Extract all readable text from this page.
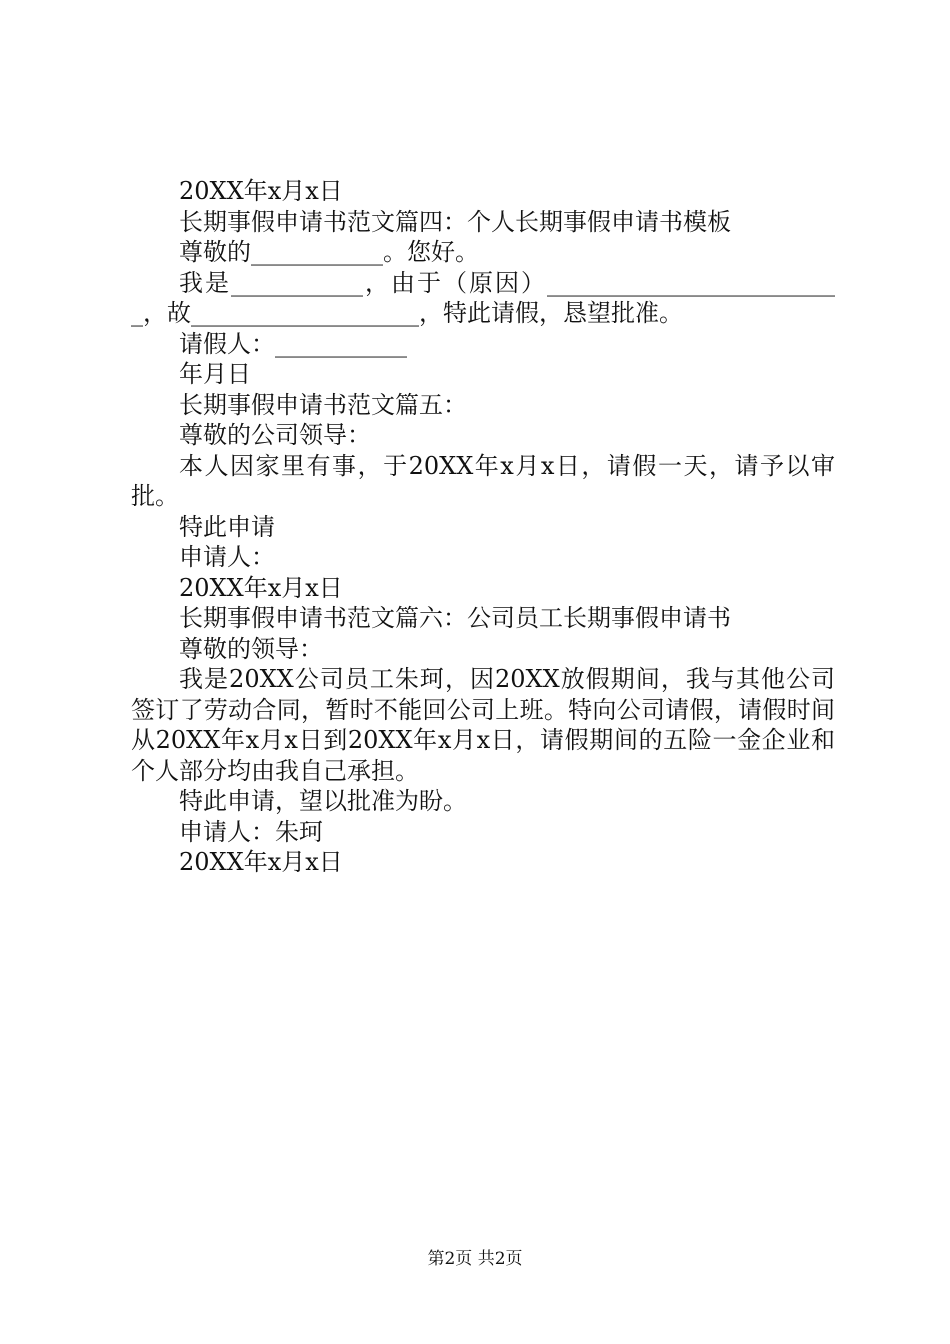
20XX年x月x日

长期事假申请书范文篇四：个人长期事假申请书模板

尊敬的___________。您好。

我是___________，由于（原因）_________________________，故___________________，特此请假，恳望批准。

请假人：___________

年月日

长期事假申请书范文篇五：

尊敬的公司领导：

本人因家里有事，于20XX年x月x日，请假一天，请予以审批。

特此申请

申请人：

20XX年x月x日

长期事假申请书范文篇六：公司员工长期事假申请书

尊敬的领导：

我是20XX公司员工朱珂，因20XX放假期间，我与其他公司签订了劳动合同，暂时不能回公司上班。特向公司请假，请假时间从20XX年x月x日到20XX年x月x日，请假期间的五险一金企业和个人部分均由我自己承担。

特此申请，望以批准为盼。

申请人：朱珂

20XX年x月x日

第2页 共2页
